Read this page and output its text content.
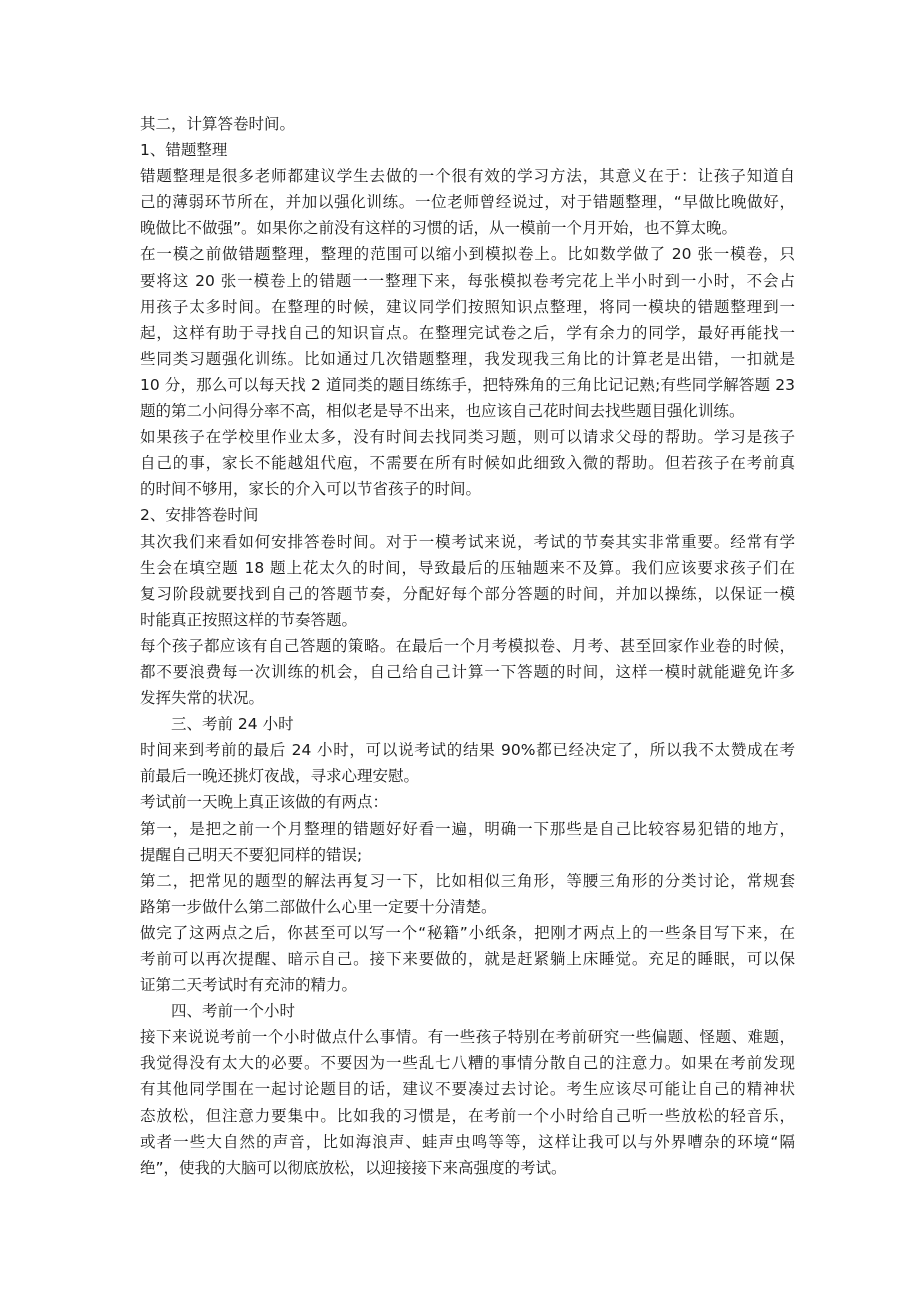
其二，计算答卷时间。

1、错题整理

错题整理是很多老师都建议学生去做的一个很有效的学习方法，其意义在于：让孩子知道自

己的薄弱环节所在，并加以强化训练。一位老师曾经说过，对于错题整理，“早做比晚做好，

晚做比不做强”。如果你之前没有这样的习惯的话，从一模前一个月开始，也不算太晚。

在一模之前做错题整理，整理的范围可以缩小到模拟卷上。比如数学做了 20 张一模卷，只

要将这 20 张一模卷上的错题一一整理下来，每张模拟卷考完花上半小时到一小时，不会占

用孩子太多时间。在整理的时候，建议同学们按照知识点整理，将同一模块的错题整理到一

起，这样有助于寻找自己的知识盲点。在整理完试卷之后，学有余力的同学，最好再能找一

些同类习题强化训练。比如通过几次错题整理，我发现我三角比的计算老是出错，一扣就是

10 分，那么可以每天找 2 道同类的题目练练手，把特殊角的三角比记记熟;有些同学解答题 23

题的第二小问得分率不高，相似老是导不出来，也应该自己花时间去找些题目强化训练。

如果孩子在学校里作业太多，没有时间去找同类习题，则可以请求父母的帮助。学习是孩子

自己的事，家长不能越俎代庖，不需要在所有时候如此细致入微的帮助。但若孩子在考前真

的时间不够用，家长的介入可以节省孩子的时间。

2、安排答卷时间

其次我们来看如何安排答卷时间。对于一模考试来说，考试的节奏其实非常重要。经常有学

生会在填空题 18 题上花太久的时间，导致最后的压轴题来不及算。我们应该要求孩子们在

复习阶段就要找到自己的答题节奏，分配好每个部分答题的时间，并加以操练，以保证一模

时能真正按照这样的节奏答题。

每个孩子都应该有自己答题的策略。在最后一个月考模拟卷、月考、甚至回家作业卷的时候，

都不要浪费每一次训练的机会，自己给自己计算一下答题的时间，这样一模时就能避免许多

发挥失常的状况。

三、考前 24 小时

时间来到考前的最后 24 小时，可以说考试的结果 90%都已经决定了，所以我不太赞成在考

前最后一晚还挑灯夜战，寻求心理安慰。

考试前一天晚上真正该做的有两点：

第一，是把之前一个月整理的错题好好看一遍，明确一下那些是自己比较容易犯错的地方，

提醒自己明天不要犯同样的错误;

第二，把常见的题型的解法再复习一下，比如相似三角形，等腰三角形的分类讨论，常规套

路第一步做什么第二部做什么心里一定要十分清楚。

做完了这两点之后，你甚至可以写一个“秘籍”小纸条，把刚才两点上的一些条目写下来，在

考前可以再次提醒、暗示自己。接下来要做的，就是赶紧躺上床睡觉。充足的睡眠，可以保

证第二天考试时有充沛的精力。

四、考前一个小时

接下来说说考前一个小时做点什么事情。有一些孩子特别在考前研究一些偏题、怪题、难题，

我觉得没有太大的必要。不要因为一些乱七八糟的事情分散自己的注意力。如果在考前发现

有其他同学围在一起讨论题目的话，建议不要凑过去讨论。考生应该尽可能让自己的精神状

态放松，但注意力要集中。比如我的习惯是，在考前一个小时给自己听一些放松的轻音乐，

或者一些大自然的声音，比如海浪声、蛙声虫鸣等等，这样让我可以与外界嘈杂的环境“隔

绝”，使我的大脑可以彻底放松，以迎接接下来高强度的考试。
